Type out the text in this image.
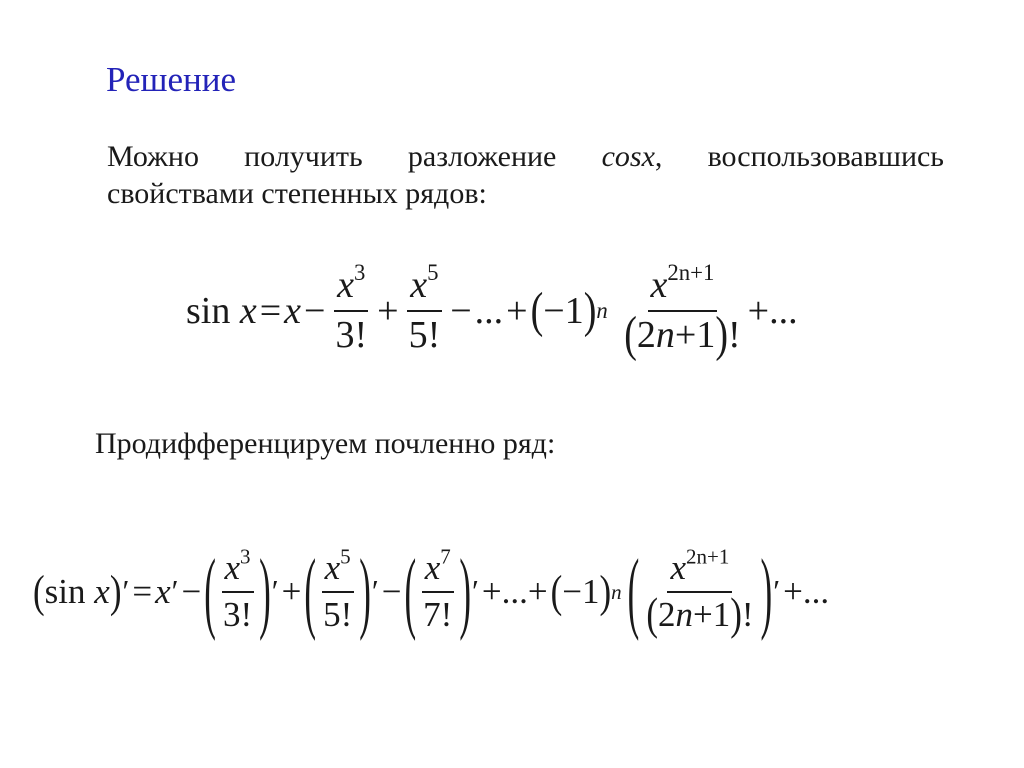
Решение
Можно получить разложение cosx, воспользовавшись свойствами степенных рядов:
sin
$x = x - \frac{x^3}{3!} + \frac{x^5}{5!}$ − ... + ( −1 ) n
$\frac{x^{2n+1}}{(2n+1)!}$ +...
Продифференцируем почленно ряд:
( sin
x ) ′ = x ′ − ( $\frac{x^3}{3!}$ ) ′ + ( $\frac{x^5}{5!}$ ) ′ − ( $\frac{x^7}{7!}$ ) ′ +...+ ( −1 ) n ( $\frac{x^{2n+1}}{(2n+1)!}$ ) ′ +...
